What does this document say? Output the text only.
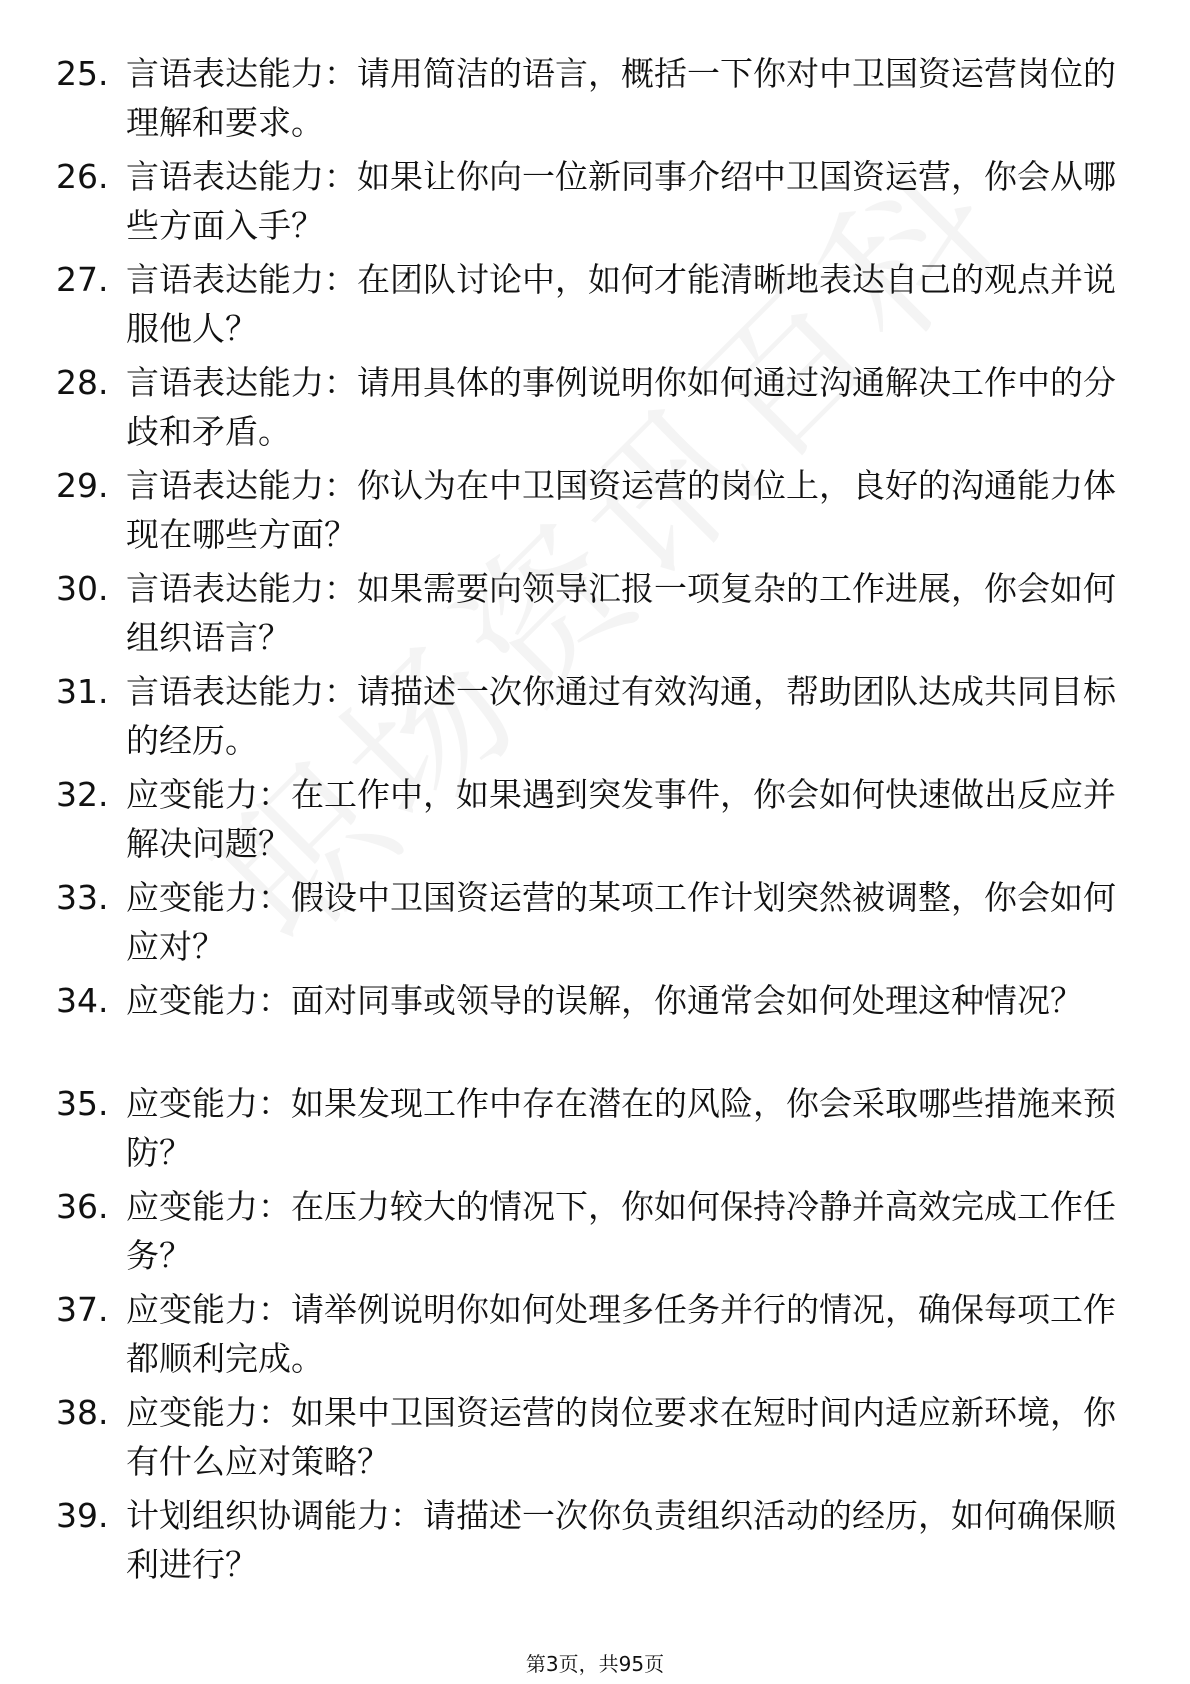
25. 言语表达能力：请用简洁的语言，概括一下你对中卫国资运营岗位的理解和要求。
26. 言语表达能力：如果让你向一位新同事介绍中卫国资运营，你会从哪些方面入手？
27. 言语表达能力：在团队讨论中，如何才能清晰地表达自己的观点并说服他人？
28. 言语表达能力：请用具体的事例说明你如何通过沟通解决工作中的分歧和矛盾。
29. 言语表达能力：你认为在中卫国资运营的岗位上，良好的沟通能力体现在哪些方面？
30. 言语表达能力：如果需要向领导汇报一项复杂的工作进展，你会如何组织语言？
31. 言语表达能力：请描述一次你通过有效沟通，帮助团队达成共同目标的经历。
32. 应变能力：在工作中，如果遇到突发事件，你会如何快速做出反应并解决问题？
33. 应变能力：假设中卫国资运营的某项工作计划突然被调整，你会如何应对？
34. 应变能力：面对同事或领导的误解，你通常会如何处理这种情况？
35. 应变能力：如果发现工作中存在潜在的风险，你会采取哪些措施来预防？
36. 应变能力：在压力较大的情况下，你如何保持冷静并高效完成工作任务？
37. 应变能力：请举例说明你如何处理多任务并行的情况，确保每项工作都顺利完成。
38. 应变能力：如果中卫国资运营的岗位要求在短时间内适应新环境，你有什么应对策略？
39. 计划组织协调能力：请描述一次你负责组织活动的经历，如何确保顺利进行？
第3页，共95页
